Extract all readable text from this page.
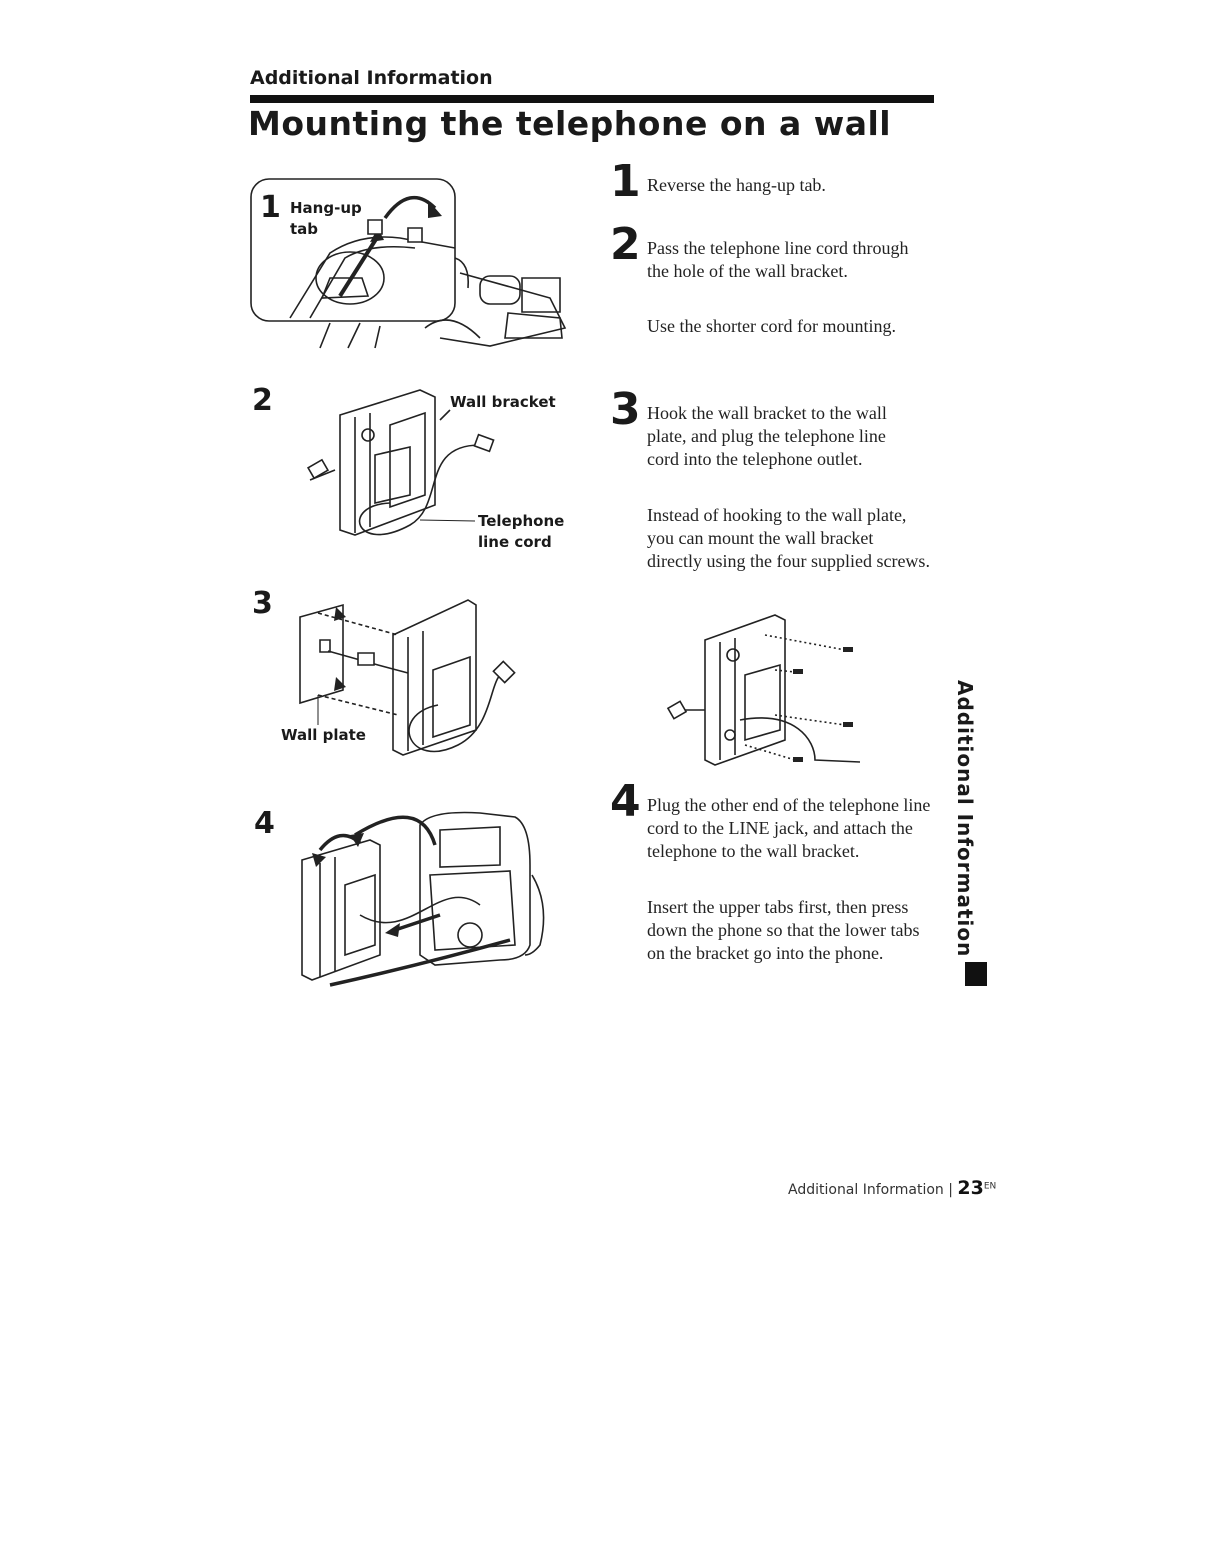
Additional Information
Mounting the telephone on a wall
1 Hang-up
tab
2	Wall bracket
Telephone
line cord
3
Wall plate
4
1 Reverse the hang-up tab.
2 Pass the telephone line cord through the hole of the wall bracket.
Use the shorter cord for mounting.
3 Hook the wall bracket to the wall plate, and plug the telephone line cord into the telephone outlet.
Instead of hooking to the wall plate, you can mount the wall bracket directly using the four supplied screws.
4 Plug the other end of the telephone line cord to the LINE jack, and attach the telephone to the wall bracket.
Insert the upper tabs first, then press down the phone so that the lower tabs on the bracket go into the phone.	Additional Information
Additional Information | $23^{EN}$
